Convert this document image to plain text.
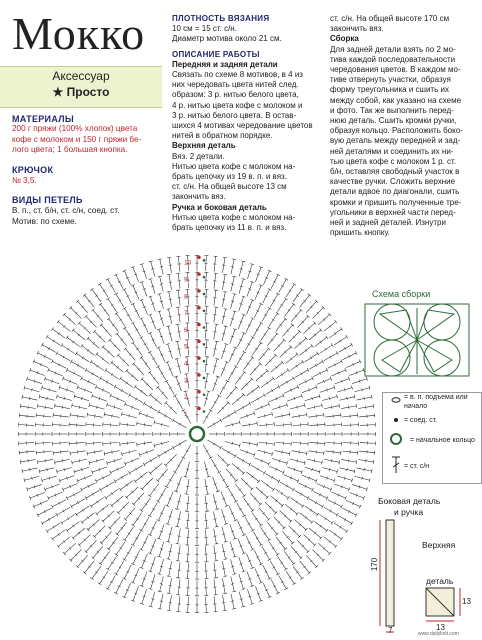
Мокко
Аксессуар
★ Просто
МАТЕРИАЛЫ
200 г пряжи (100% хлопок) цвета
кофе с молоком и 150 г пряжи бе-
лого цвета; 1 большая кнопка.
КРЮЧОК
№ 3,5.
ВИДЫ ПЕТЕЛЬ
В. п., ст. б/н, ст. с/н, соед. ст.
Мотив: по схеме.

ПЛОТНОСТЬ ВЯЗАНИЯ

10 см = 15 ст. с/н.

Диаметр мотива около 21 см.

ОПИСАНИЕ РАБОТЫ

Передняя и задняя детали

Связать по схеме 8 мотивов, в 4 из

них чередовать цвета нитей след.

образом: 3 р. нитью белого цвета,

4 р. нитью цвета кофе с молоком и

3 р. нитью белого цвета. В остав-

шихся 4 мотивах чередование цветов

нитей в обратном порядке.

Верхняя деталь

Вяз. 2 детали.

Нитью цвета кофе с молоком на-

брать цепочку из 19 в. п. и вяз.

ст. с/н. На общей высоте 13 см

закончить вяз.

Ручка и боковая деталь

Нитью цвета кофе с молоком на-

брать цепочку из 11 в. п. и вяз.

ст. с/н. На общей высоте 170 см

закончить вяз.

Сборка

Для задней детали взять по 2 мо-

тива каждой последовательности

чередования цветов. В каждом мо-

тиве отвернуть участки, образуя

форму треугольника и сшить их

между собой, как указано на схеме

и фото. Так же выполнить перед-

нюю деталь. Сшить кромки ручки,

образуя кольцо. Расположить боко-

вую деталь между передней и зад-

ней деталями и соединить их ни-

тью цвета кофе с молоком 1 р. ст.

б/н, оставляя свободный участок в

качестве ручки. Сложить верхние

детали вдвое по диагонали, сшить

кромки и пришить полученные тре-

угольники в верхней части перед-

ней и задней деталей. Изнутри

пришить кнопку.

10
9
8
7
6
5
4
3
2
1
Схема сборки
= в. п. подъема или начало
= соед. ст.
= начальное кольцо
= ст. с/н
Боковая деталь
и ручка
170
7
Верхняя
деталь
13
13
www.dailyknit.com
